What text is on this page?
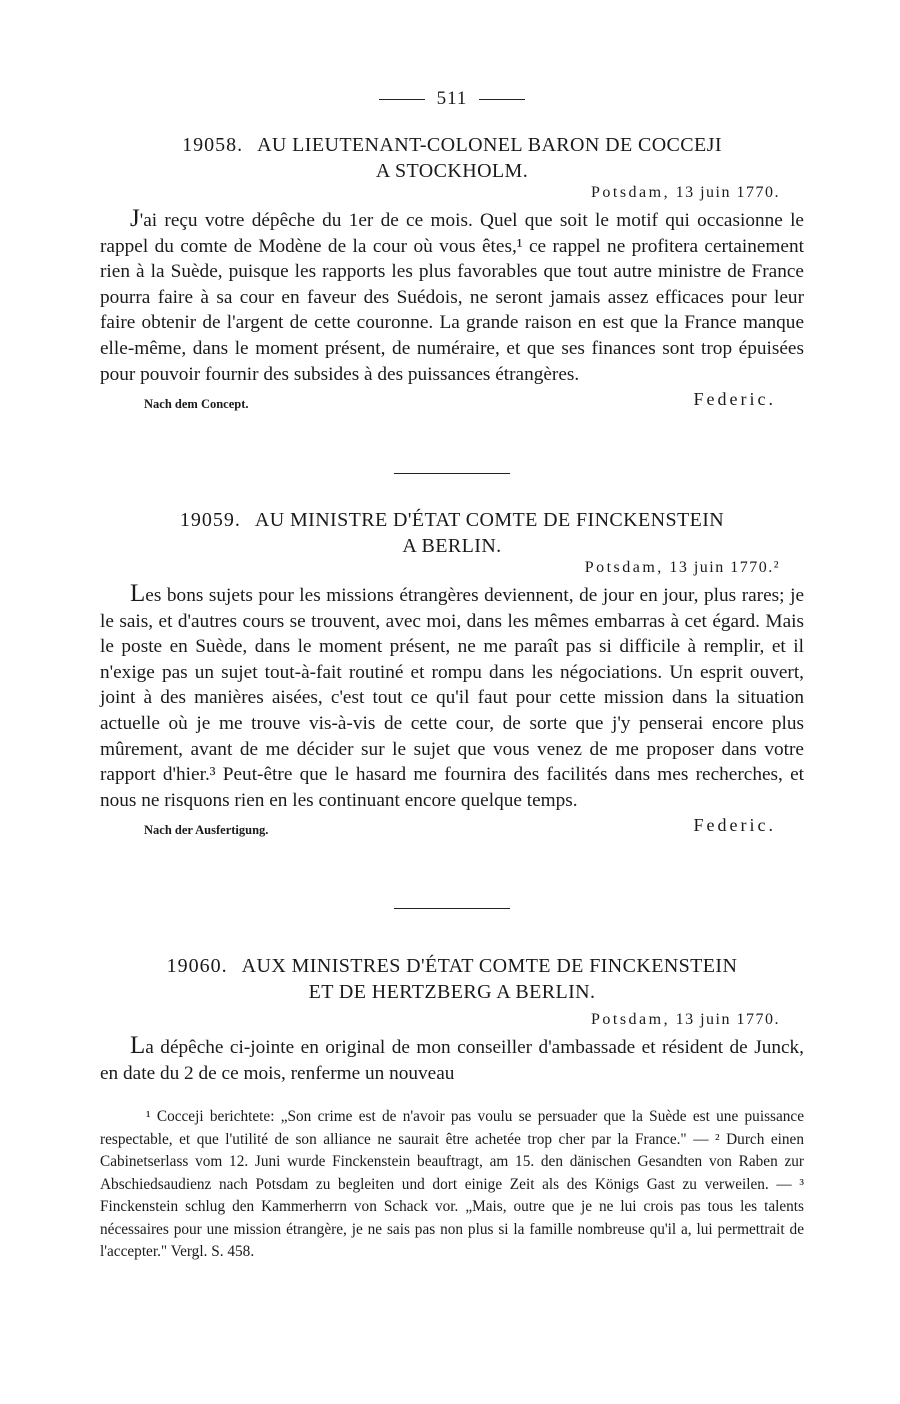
511
19058. AU LIEUTENANT-COLONEL BARON DE COCCEJI
A STOCKHOLM.
Potsdam, 13 juin 1770.

J'ai reçu votre dépêche du 1er de ce mois. Quel que soit le motif qui occasionne le rappel du comte de Modène de la cour où vous êtes,¹ ce rappel ne profitera certainement rien à la Suède, puisque les rapports les plus favorables que tout autre ministre de France pourra faire à sa cour en faveur des Suédois, ne seront jamais assez efficaces pour leur faire obtenir de l'argent de cette couronne. La grande raison en est que la France manque elle-même, dans le moment présent, de numéraire, et que ses finances sont trop épuisées pour pouvoir fournir des subsides à des puissances étrangères.

Nach dem Concept.	Federic.
19059. AU MINISTRE D'ÉTAT COMTE DE FINCKENSTEIN
A BERLIN.
Potsdam, 13 juin 1770.²

Les bons sujets pour les missions étrangères deviennent, de jour en jour, plus rares; je le sais, et d'autres cours se trouvent, avec moi, dans les mêmes embarras à cet égard. Mais le poste en Suède, dans le moment présent, ne me paraît pas si difficile à remplir, et il n'exige pas un sujet tout-à-fait routiné et rompu dans les négociations. Un esprit ouvert, joint à des manières aisées, c'est tout ce qu'il faut pour cette mission dans la situation actuelle où je me trouve vis-à-vis de cette cour, de sorte que j'y penserai encore plus mûrement, avant de me décider sur le sujet que vous venez de me proposer dans votre rapport d'hier.³ Peut-être que le hasard me fournira des facilités dans mes recherches, et nous ne risquons rien en les continuant encore quelque temps.

Nach der Ausfertigung.	Federic.
19060. AUX MINISTRES D'ÉTAT COMTE DE FINCKENSTEIN
ET DE HERTZBERG A BERLIN.
Potsdam, 13 juin 1770.

La dépêche ci-jointe en original de mon conseiller d'ambassade et résident de Junck, en date du 2 de ce mois, renferme un nouveau

¹ Cocceji berichtete: „Son crime est de n'avoir pas voulu se persuader que la Suède est une puissance respectable, et que l'utilité de son alliance ne saurait être achetée trop cher par la France." — ² Durch einen Cabinetserlass vom 12. Juni wurde Finckenstein beauftragt, am 15. den dänischen Gesandten von Raben zur Abschiedsaudienz nach Potsdam zu begleiten und dort einige Zeit als des Königs Gast zu verweilen. — ³ Finckenstein schlug den Kammerherrn von Schack vor. „Mais, outre que je ne lui crois pas tous les talents nécessaires pour une mission étrangère, je ne sais pas non plus si la famille nombreuse qu'il a, lui permettrait de l'accepter." Vergl. S. 458.
